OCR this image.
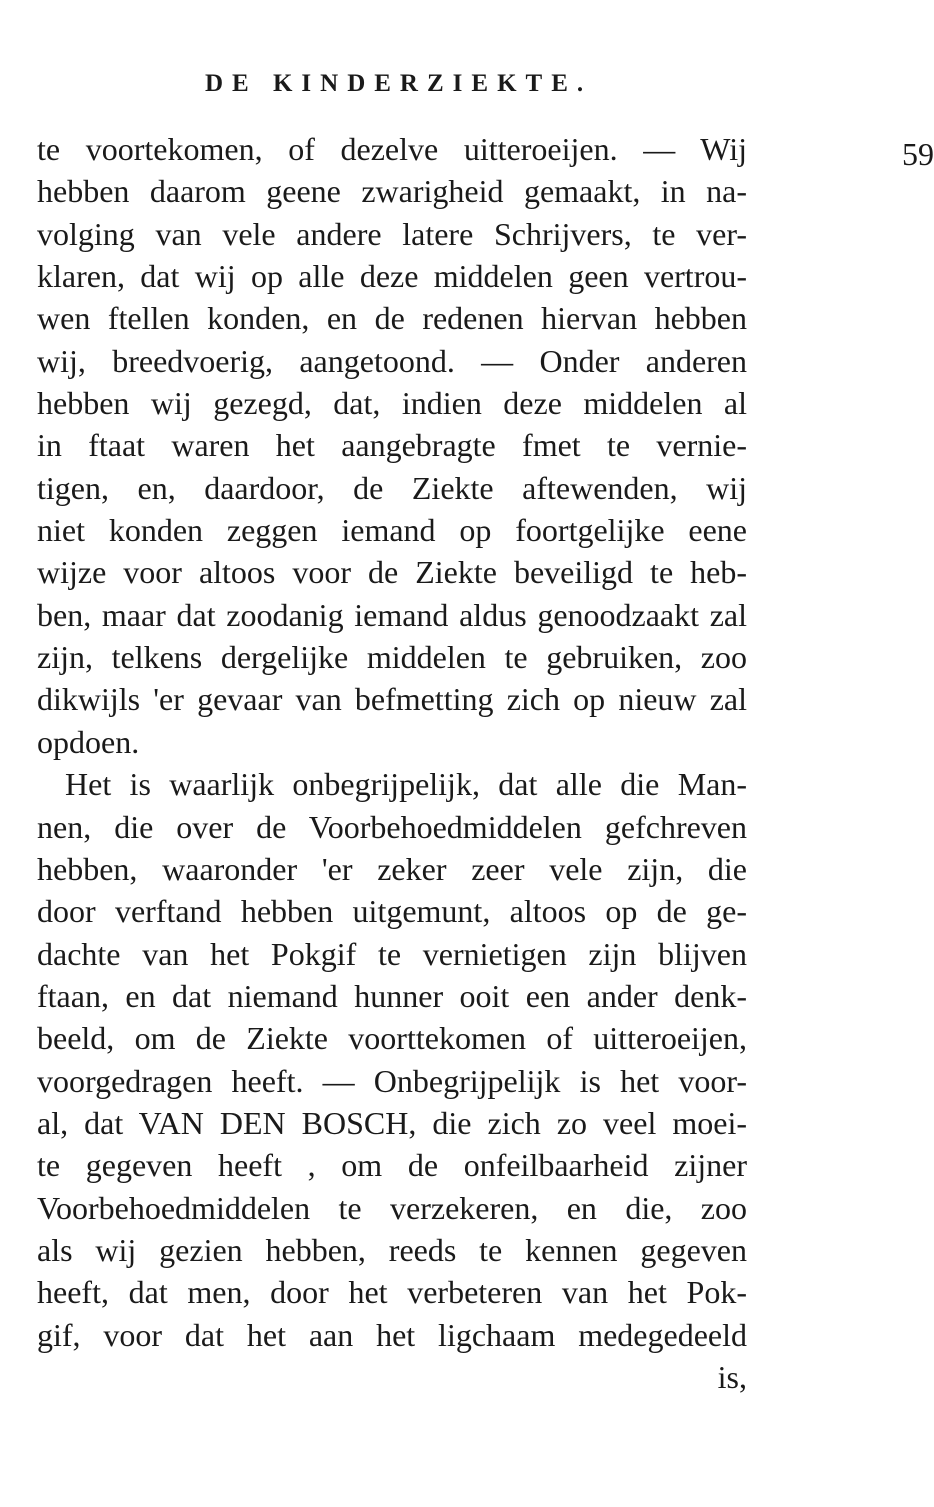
DE KINDERZIEKTE.
59
te voortekomen, of dezelve uitteroeijen. — Wij
hebben daarom geene zwarigheid gemaakt, in na-
volging van vele andere latere Schrijvers, te ver-
klaren, dat wij op alle deze middelen geen vertrou-
wen ftellen konden, en de redenen hiervan hebben
wij, breedvoerig, aangetoond. — Onder anderen
hebben wij gezegd, dat, indien deze middelen al
in ftaat waren het aangebragte fmet te vernie-
tigen, en, daardoor, de Ziekte aftewenden, wij
niet konden zeggen iemand op foortgelijke eene
wijze voor altoos voor de Ziekte beveiligd te heb-
ben, maar dat zoodanig iemand aldus genoodzaakt zal
zijn, telkens dergelijke middelen te gebruiken, zoo
dikwijls 'er gevaar van befmetting zich op nieuw zal
opdoen.
Het is waarlijk onbegrijpelijk, dat alle die Man-
nen, die over de Voorbehoedmiddelen gefchreven
hebben, waaronder 'er zeker zeer vele zijn, die
door verftand hebben uitgemunt, altoos op de ge-
dachte van het Pokgif te vernietigen zijn blijven
ftaan, en dat niemand hunner ooit een ander denk-
beeld, om de Ziekte voorttekomen of uitteroeijen,
voorgedragen heeft. — Onbegrijpelijk is het voor-
al, dat VAN DEN BOSCH, die zich zo veel moei-
te gegeven heeft , om de onfeilbaarheid zijner
Voorbehoedmiddelen te verzekeren, en die, zoo
als wij gezien hebben, reeds te kennen gegeven
heeft, dat men, door het verbeteren van het Pok-
gif, voor dat het aan het ligchaam medegedeeld
is,
